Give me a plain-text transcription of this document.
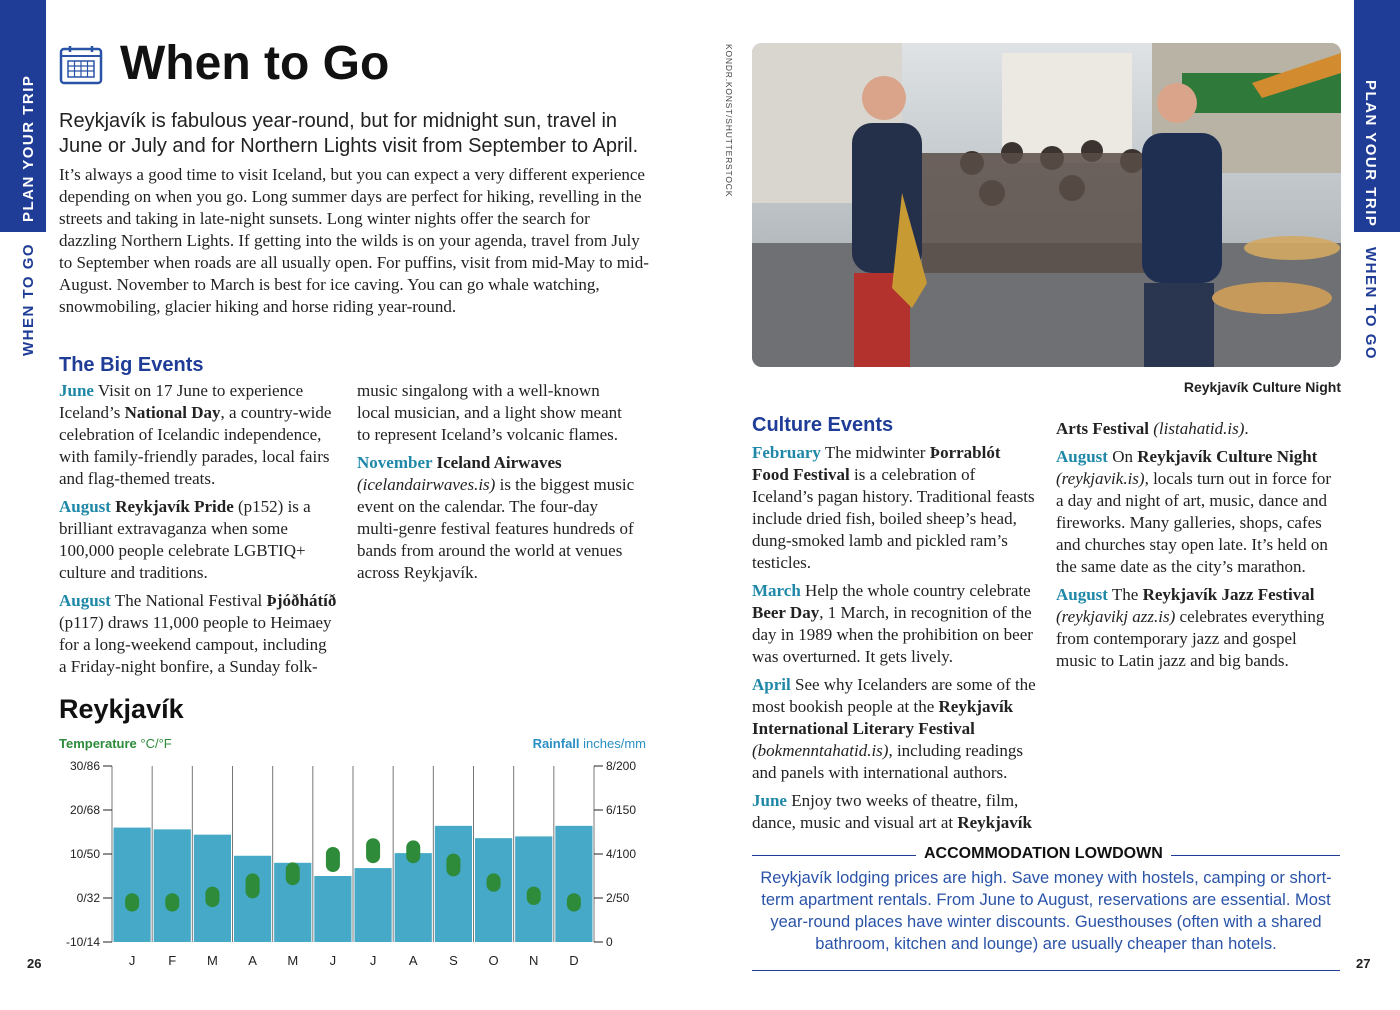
PLAN YOUR TRIP
WHEN TO GO
PLAN YOUR TRIP
WHEN TO GO
When to Go
Reykjavík is fabulous year-round, but for midnight sun, travel in June or July and for Northern Lights visit from September to April.
It’s always a good time to visit Iceland, but you can expect a very different experience depending on when you go. Long summer days are perfect for hiking, revelling in the streets and taking in late-night sunsets. Long winter nights offer the search for dazzling Northern Lights. If getting into the wilds is on your agenda, travel from July to September when roads are all usually open. For puffins, visit from mid-May to mid-August. November to March is best for ice caving. You can go whale watching, snowmobiling, glacier hiking and horse riding year-round.
The Big Events

June Visit on 17 June to experience Iceland’s National Day, a country-wide celebration of Icelandic independence, with family-friendly parades, local fairs and flag-themed treats.

August Reykjavík Pride (p152) is a brilliant extravaganza when some 100,000 people celebrate LGBTIQ+ culture and traditions.

August The National Festival Þjóðhátíð (p117) draws 11,000 people to Heimaey for a long-weekend campout, including a Friday-night bonfire, a Sunday folk-music singalong with a well-known local musician, and a light show meant to represent Iceland’s volcanic flames.

November Iceland Airwaves (icelandairwaves.is) is the biggest music event on the calendar. The four-day multi-genre festival features hundreds of bands from around the world at venues across Reykjavík.

Reykjavík
Temperature °C/°F	Rainfall inches/mm
30/86
20/68
10/50
0/32
-10/14
8/200
6/150
4/100
2/50
0
J	F M A M J	J	A S O N D
26
KONDR.KONST/SHUTTERSTOCK
Reykjavík Culture Night
Culture Events

February The midwinter Þorrablót Food Festival is a celebration of Iceland’s pagan history. Traditional feasts include dried fish, boiled sheep’s head, dung-smoked lamb and pickled ram’s testicles.

March Help the whole country celebrate Beer Day, 1 March, in recognition of the day in 1989 when the prohibition on beer was overturned. It gets lively.

April See why Icelanders are some of the most bookish people at the Reykjavík International Literary Festival (bokmenntahatid.is), including readings and panels with international authors.

June Enjoy two weeks of theatre, film, dance, music and visual art at Reykjavík Arts Festival (listahatid.is).

August On Reykjavík Culture Night (reykjavik.is), locals turn out in force for a day and night of art, music, dance and fireworks. Many galleries, shops, cafes and churches stay open late. It’s held on the same date as the city’s marathon.

August The Reykjavík Jazz Festival (reykjavikj azz.is) celebrates everything from contemporary jazz and gospel music to Latin jazz and big bands.

ACCOMMODATION LOWDOWN
Reykjavík lodging prices are high. Save money with hostels, camping or short-term apartment rentals. From June to August, reservations are essential. Most year-round places have winter discounts. Guesthouses (often with a shared bathroom, kitchen and lounge) are usually cheaper than hotels.
27
